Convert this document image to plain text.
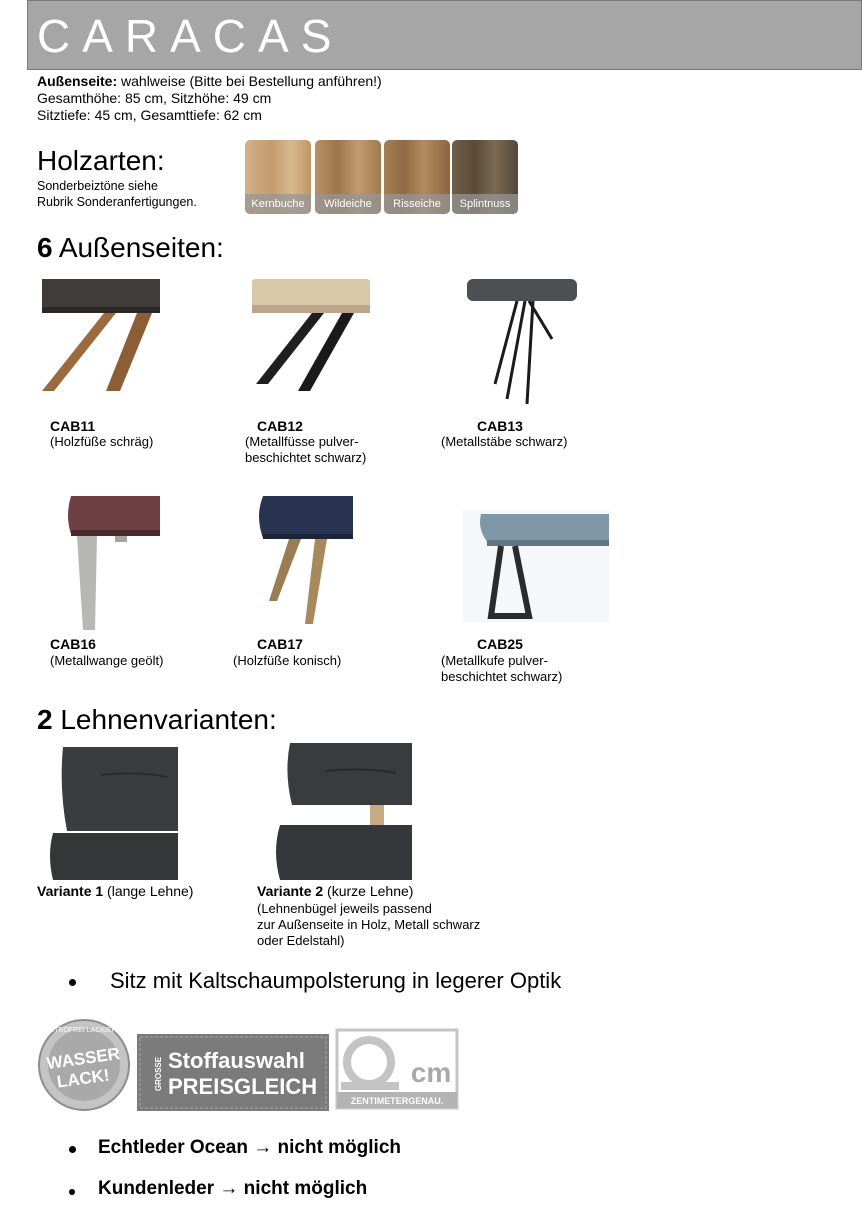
CARACAS
Außenseite: wahlweise (Bitte bei Bestellung anführen!)
Gesamthöhe: 85 cm, Sitzhöhe: 49 cm
Sitztiefe: 45 cm, Gesamttiefe: 62 cm
Holzarten:
Sonderbeiztöne siehe
Rubrik Sonderanfertigungen.	Kernbuche	Wildeiche	Risseiche	Splintnuss
6 Außenseiten:
CAB11
(Holzfüße schräg)
CAB12
(Metallfüsse pulver-
beschichtet schwarz)
CAB13
(Metallstäbe schwarz)
CAB16
(Metallwange geölt)
CAB17
(Holzfüße konisch)
CAB25
(Metallkufe pulver-
beschichtet schwarz)
2 Lehnenvarianten:
Variante 1 (lange Lehne)	Variante 2 (kurze Lehne)
(Lehnenbügel jeweils passend
zur Außenseite in Holz, Metall schwarz
oder Edelstahl)
Sitz mit Kaltschaumpolsterung in legerer Optik
NITROFREI LACKIERT
WASSER
LACK!	GROSSE Stoffauswahl
PREISGLEICH	cm
ZENTIMETERGENAU.
Echtleder Ocean → nicht möglich
Kundenleder → nicht möglich
